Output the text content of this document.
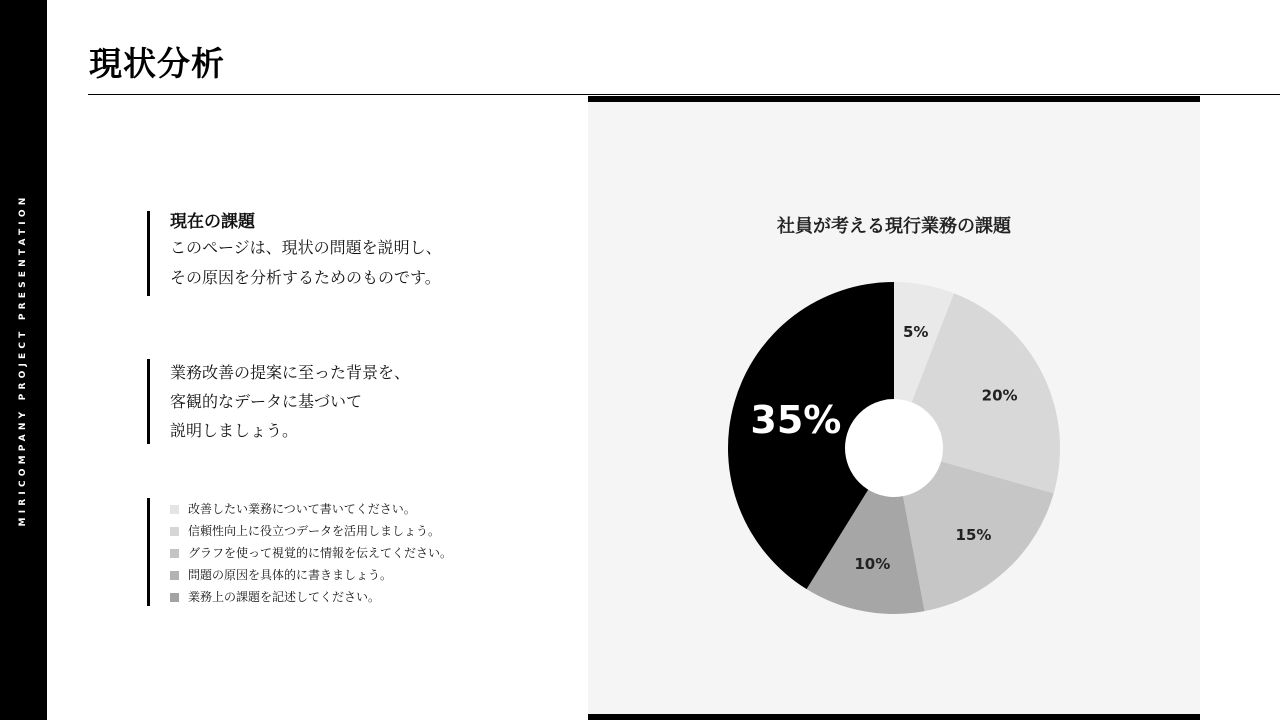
MIRICOMPANY PROJECT PRESENTATION
現状分析
現在の課題
このページは、現状の問題を説明し、
その原因を分析するためのものです。
業務改善の提案に至った背景を、
客観的なデータに基づいて
説明しましょう。
改善したい業務について書いてください。
信頼性向上に役立つデータを活用しましょう。
グラフを使って視覚的に情報を伝えてください。
問題の原因を具体的に書きましょう。
業務上の課題を記述してください。
社員が考える現行業務の課題
5%
20%
15%
10%
35%
